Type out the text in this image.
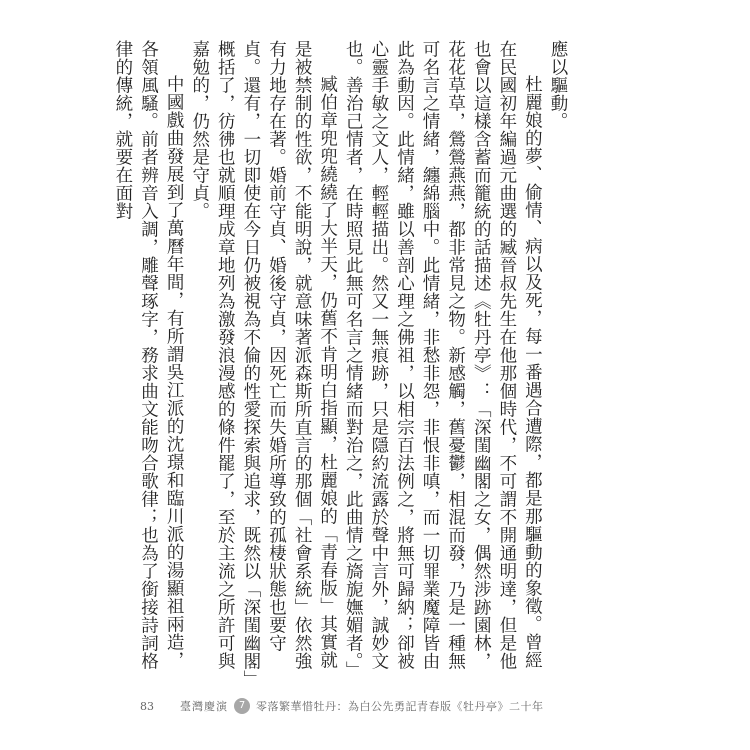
應以驅動。

杜麗娘的夢、偷情、病以及死，每一番遇合遭際，都是那驅動的象徵。曾經在民國初年編過元曲選的臧晉叔先生在他那個時代，不可謂不開通明達，但是他也會以這樣含蓄而籠統的話描述《牡丹亭》：「深閨幽閣之女，偶然涉跡園林，花花草草，鶯鶯燕燕，都非常見之物。新感觸，舊憂鬱，相混而發，乃是一種無可名言之情緒，纏綿腦中。此情緒，非愁非怨，非恨非嗔，而一切罪業魔障皆由此為動因。此情緒，雖以善剖心理之佛祖，以相宗百法例之，將無可歸納；卻被心靈手敏之文人，輕輕描出。然又一無痕跡，只是隱約流露於聲中言外，誠妙文也。善治己情者，在時照見此無可名言之情緒而對治之，此曲情之旖旎嫵媚者。」

臧伯章兜兜繞繞了大半天，仍舊不肯明白指顯，杜麗娘的「青春版」其實就是被禁制的性欲，不能明說，就意味著派森斯所直言的那個「社會系統」依然強有力地存在著。婚前守貞、婚後守貞，因死亡而失婚所導致的孤棲狀態也要守貞。還有，一切即使在今日仍被視為不倫的性愛探索與追求，既然以「深閨幽閣」概括了，彷彿也就順理成章地列為激發浪漫感的條件罷了，至於主流之所許可與嘉勉的，仍然是守貞。

中國戲曲發展到了萬曆年間，有所謂吳江派的沈璟和臨川派的湯顯祖兩造，各領風騷。前者辨音入調，雕聲琢字，務求曲文能吻合歌律；也為了銜接詩詞格律的傳統，就要在面對

83 臺灣慶演	7 零落繁華惜牡丹：為白公先勇記青春版《牡丹亭》二十年
